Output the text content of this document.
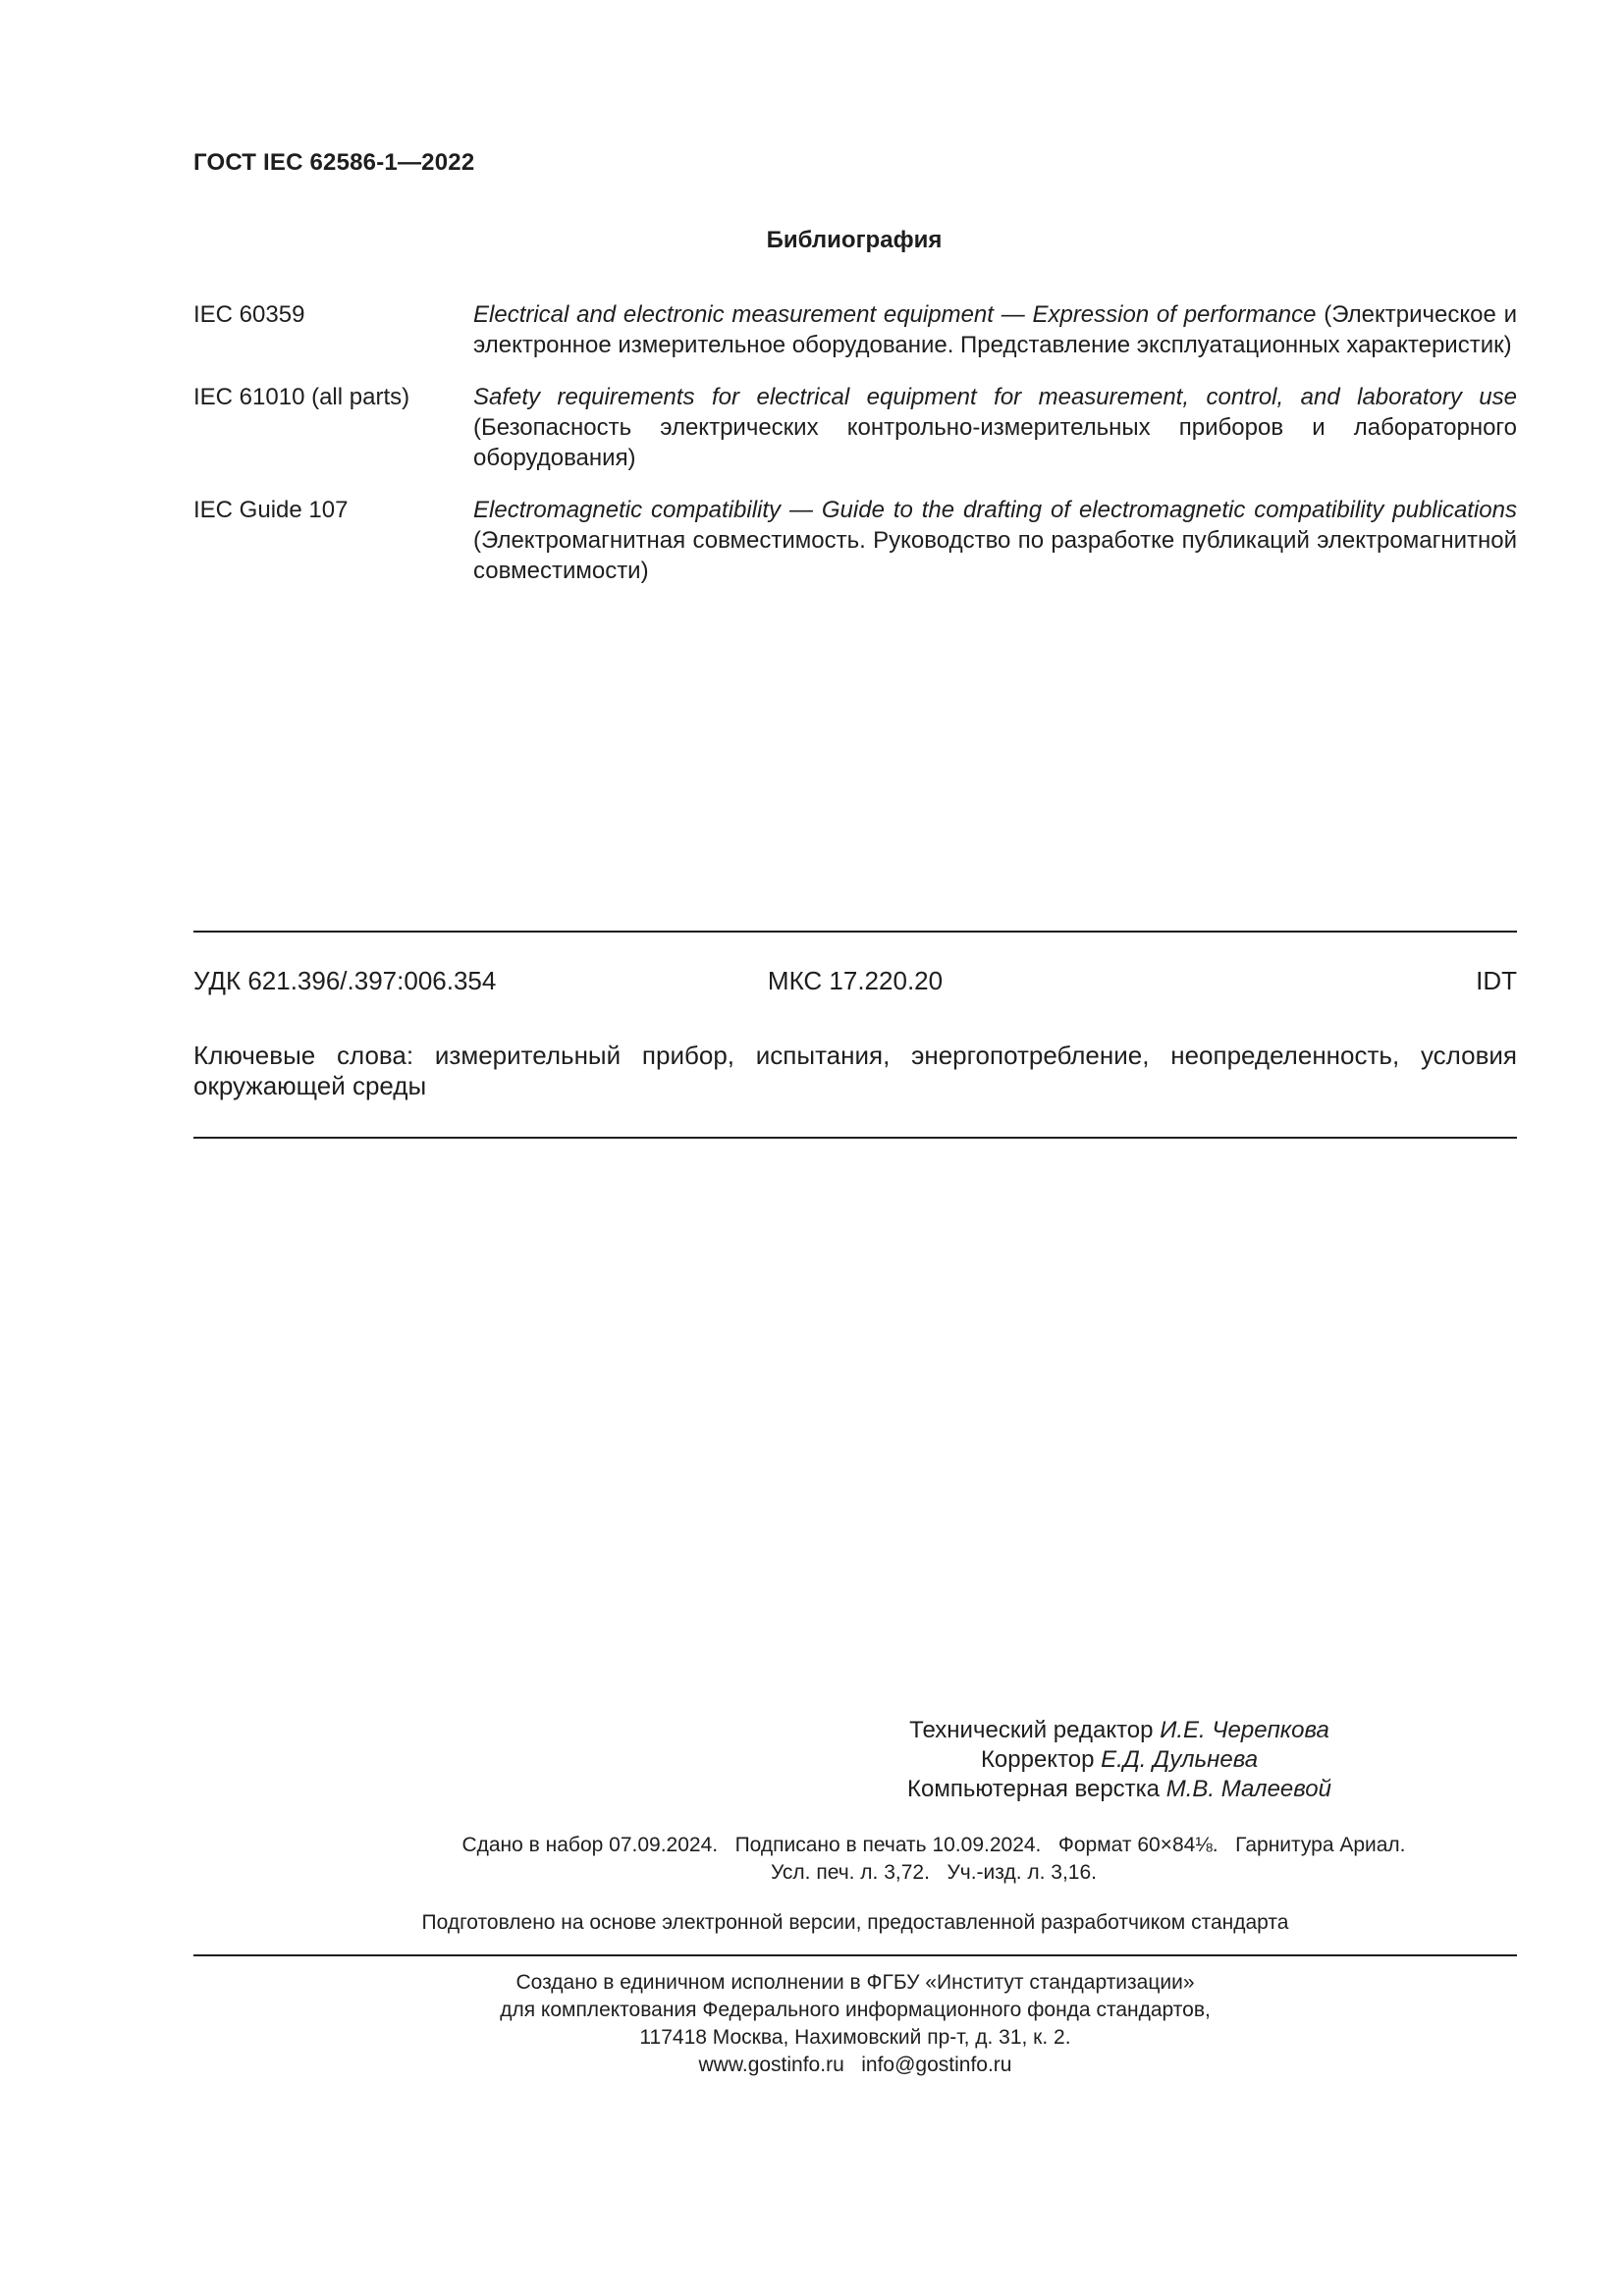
ГОСТ IEC 62586-1—2022
Библиография
IEC 60359	Electrical and electronic measurement equipment — Expression of performance (Электрическое и электронное измерительное оборудование. Представление эксплуатационных характеристик)
IEC 61010 (all parts)	Safety requirements for electrical equipment for measurement, control, and laboratory use (Безопасность электрических контрольно-измерительных приборов и лабораторного оборудования)
IEC Guide 107	Electromagnetic compatibility — Guide to the drafting of electromagnetic compatibility publications (Электромагнитная совместимость. Руководство по разработке публикаций электромагнитной совместимости)
УДК 621.396/.397:006.354	МКС 17.220.20	IDT
Ключевые слова: измерительный прибор, испытания, энергопотребление, неопределенность, условия окружающей среды
Технический редактор И.Е. Черепкова
Корректор Е.Д. Дульнева
Компьютерная верстка М.В. Малеевой
Сдано в набор 07.09.2024.   Подписано в печать 10.09.2024.   Формат 60×84⅛.   Гарнитура Ариал.
Усл. печ. л. 3,72.   Уч.-изд. л. 3,16.
Подготовлено на основе электронной версии, предоставленной разработчиком стандарта
Создано в единичном исполнении в ФГБУ «Институт стандартизации»
для комплектования Федерального информационного фонда стандартов,
117418 Москва, Нахимовский пр-т, д. 31, к. 2.
www.gostinfo.ru   info@gostinfo.ru
